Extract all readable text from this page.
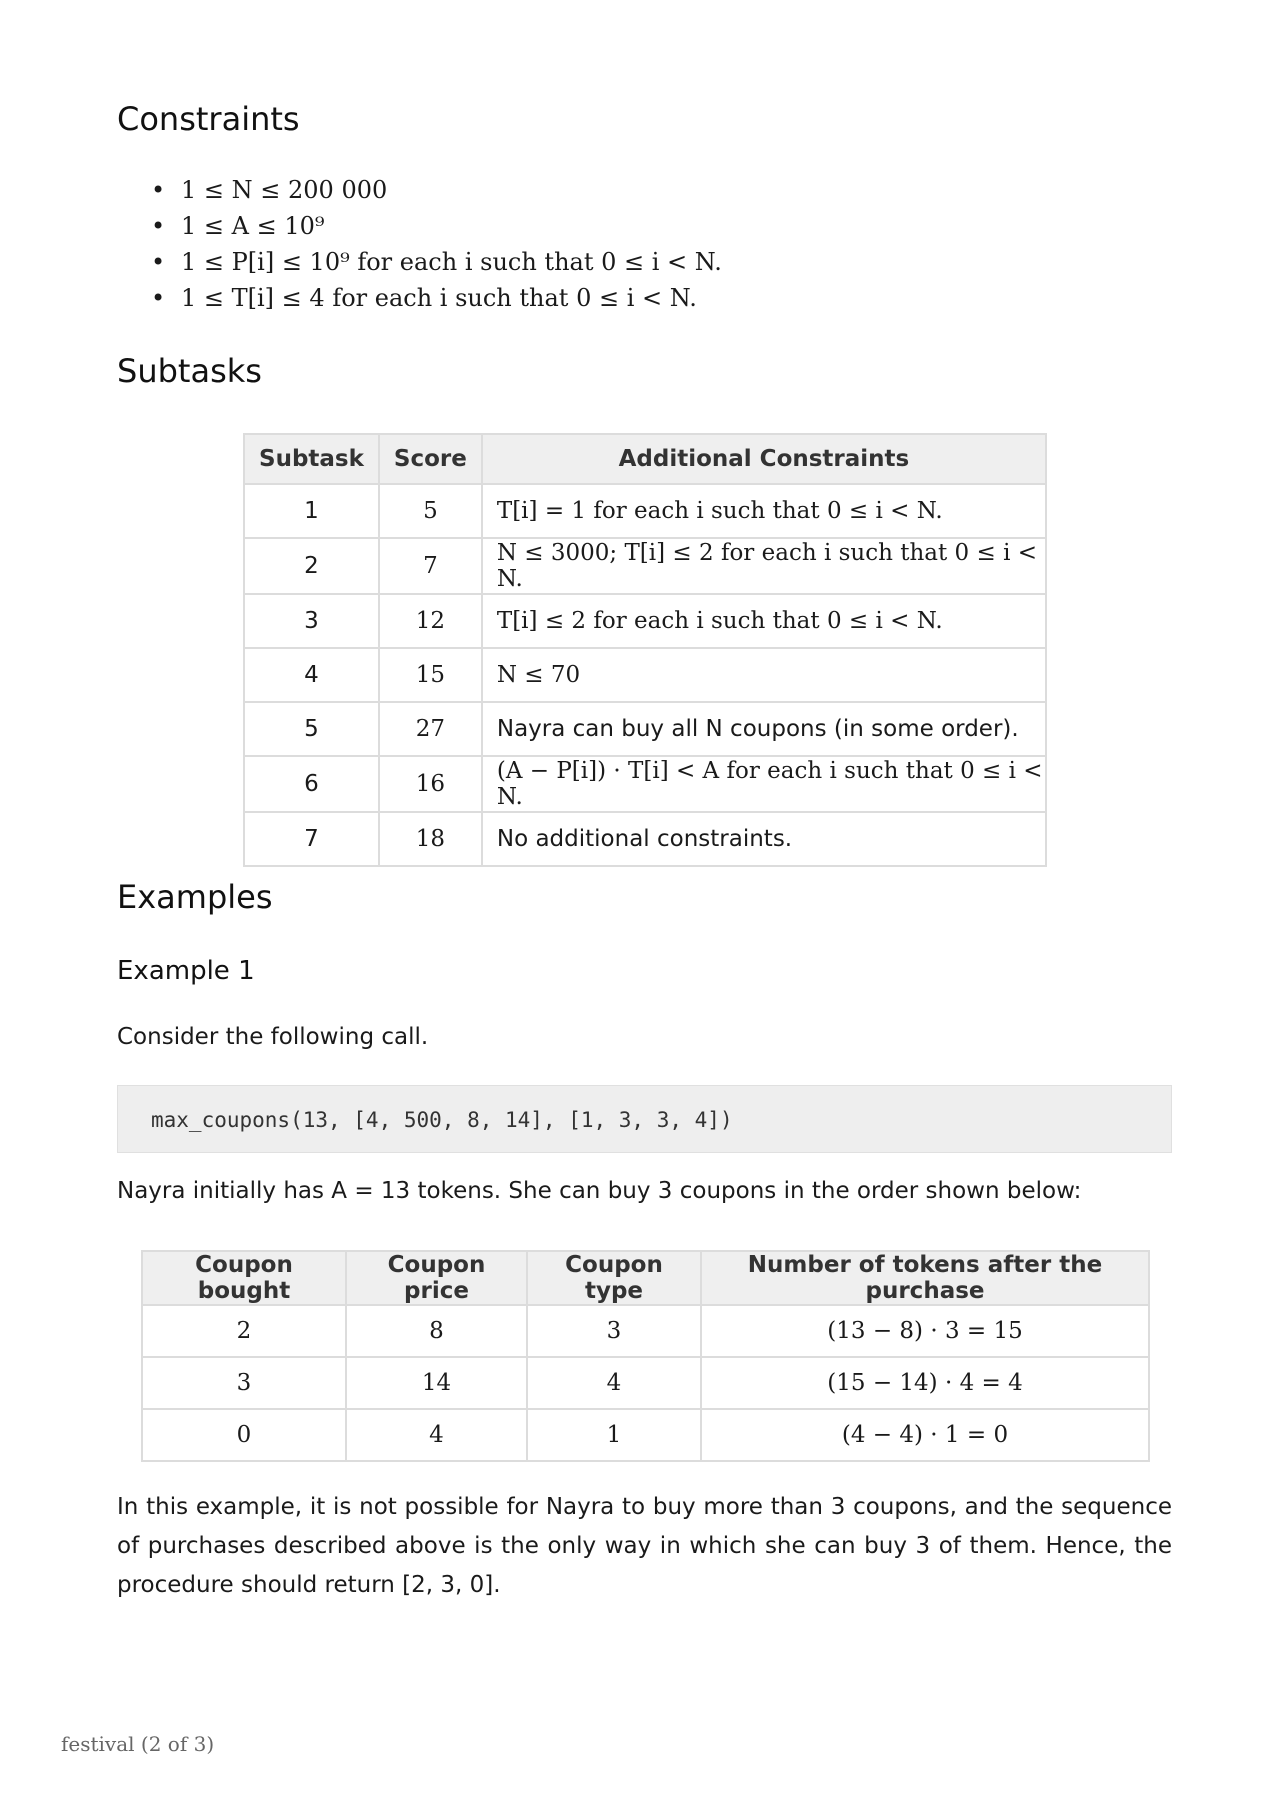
Constraints
• 1 ≤ N ≤ 200 000
• 1 ≤ A ≤ 10⁹
• 1 ≤ P[i] ≤ 10⁹ for each i such that 0 ≤ i < N.
• 1 ≤ T[i] ≤ 4 for each i such that 0 ≤ i < N.
Subtasks
Subtask	Score	Additional Constraints
1	5	T[i] = 1 for each i such that 0 ≤ i < N.
2	7	N ≤ 3000; T[i] ≤ 2 for each i such that 0 ≤ i < N.
3	12	T[i] ≤ 2 for each i such that 0 ≤ i < N.
4	15	N ≤ 70
5	27	Nayra can buy all N coupons (in some order).
6	16	(A − P[i]) · T[i] < A for each i such that 0 ≤ i < N.
7	18	No additional constraints.
Examples
Example 1
Consider the following call.
max_coupons(13, [4, 500, 8, 14], [1, 3, 3, 4])
Nayra initially has A = 13 tokens. She can buy 3 coupons in the order shown below:
Coupon bought	Coupon price	Coupon type	Number of tokens after the purchase
2	8	3	(13 − 8) · 3 = 15
3	14	4	(15 − 14) · 4 = 4
0	4	1	(4 − 4) · 1 = 0
In this example, it is not possible for Nayra to buy more than 3 coupons, and the sequence of purchases described above is the only way in which she can buy 3 of them. Hence, the procedure should return [2, 3, 0].
festival (2 of 3)
